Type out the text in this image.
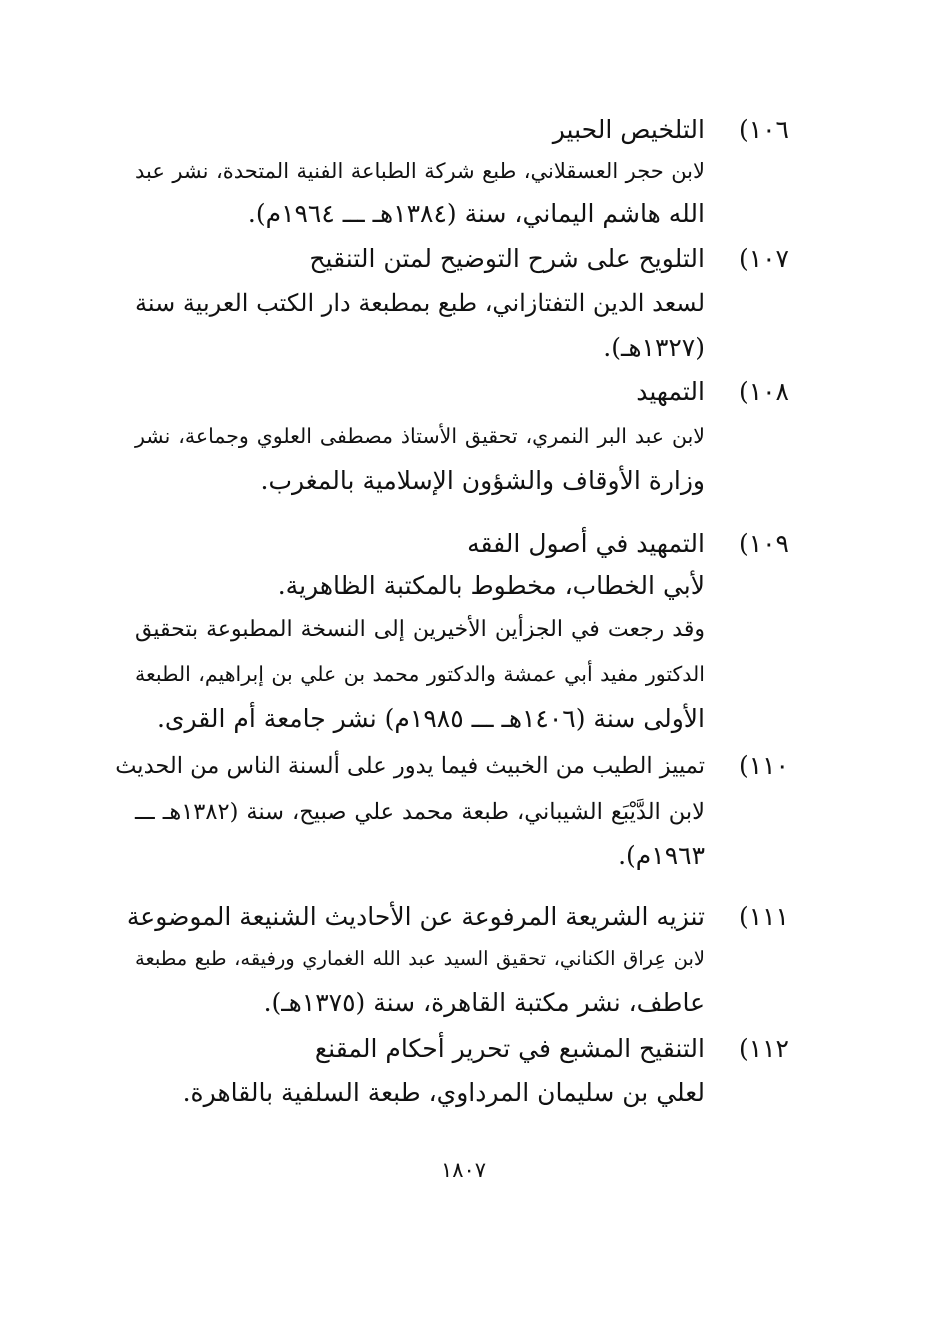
١٠٦)
التلخيص الحبير
لابن حجر العسقلاني، طبع شركة الطباعة الفنية المتحدة، نشر عبد
الله هاشم اليماني، سنة (١٣٨٤هـ ـــ ١٩٦٤م).
١٠٧)
التلويح على شرح التوضيح لمتن التنقيح
لسعد الدين التفتازاني، طبع بمطبعة دار الكتب العربية سنة
(١٣٢٧هـ).
١٠٨)
التمهيد
لابن عبد البر النمري، تحقيق الأستاذ مصطفى العلوي وجماعة، نشر
وزارة الأوقاف والشؤون الإسلامية بالمغرب.
١٠٩)
التمهيد في أصول الفقه
لأبي الخطاب، مخطوط بالمكتبة الظاهرية.
وقد رجعت في الجزأين الأخيرين إلى النسخة المطبوعة بتحقيق
الدكتور مفيد أبي عمشة والدكتور محمد بن علي بن إبراهيم، الطبعة
الأولى سنة (١٤٠٦هـ ـــ ١٩٨٥م) نشر جامعة أم القرى.
١١٠)
تمييز الطيب من الخبيث فيما يدور على ألسنة الناس من الحديث
لابن الدَّيْبَع الشيباني، طبعة محمد علي صبيح، سنة (١٣٨٢هـ ـــ
١٩٦٣م).
١١١)
تنزيه الشريعة المرفوعة عن الأحاديث الشنيعة الموضوعة
لابن عِراق الكناني، تحقيق السيد عبد الله الغماري ورفيقه، طبع مطبعة
عاطف، نشر مكتبة القاهرة، سنة (١٣٧٥هـ).
١١٢)
التنقيح المشبع في تحرير أحكام المقنع
لعلي بن سليمان المرداوي، طبعة السلفية بالقاهرة.
١٨٠٧
